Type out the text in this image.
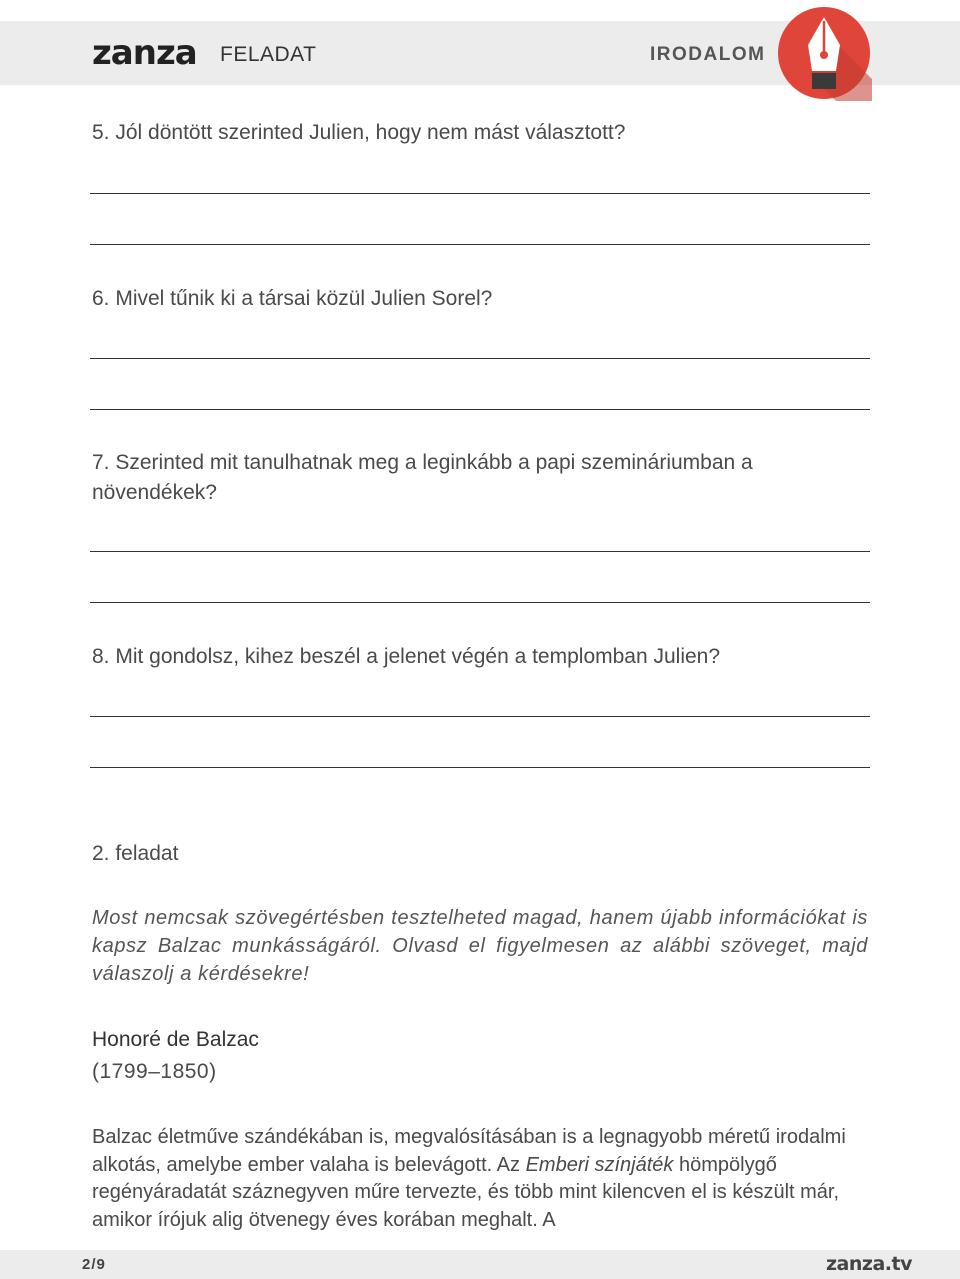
zanza FELADAT	IRODALOM
5. Jól döntött szerinted Julien, hogy nem mást választott?
6. Mivel tűnik ki a társai közül Julien Sorel?
7. Szerinted mit tanulhatnak meg a leginkább a papi szemináriumban a növendékek?
8. Mit gondolsz, kihez beszél a jelenet végén a templomban Julien?
2. feladat
Most nemcsak szövegértésben tesztelheted magad, hanem újabb információkat is kapsz Balzac munkásságáról. Olvasd el figyelmesen az alábbi szöveget, majd válaszolj a kérdésekre!
Honoré de Balzac
(1799–1850)
Balzac életműve szándékában is, megvalósításában is a legnagyobb méretű irodalmi alkotás, amelybe ember valaha is belevágott. Az Emberi színjáték hömpölygő regényáradatát száznegyven műre tervezte, és több mint kilencven el is készült már, amikor írójuk alig ötvenegy éves korában meghalt. A
2/9	zanza.tv
